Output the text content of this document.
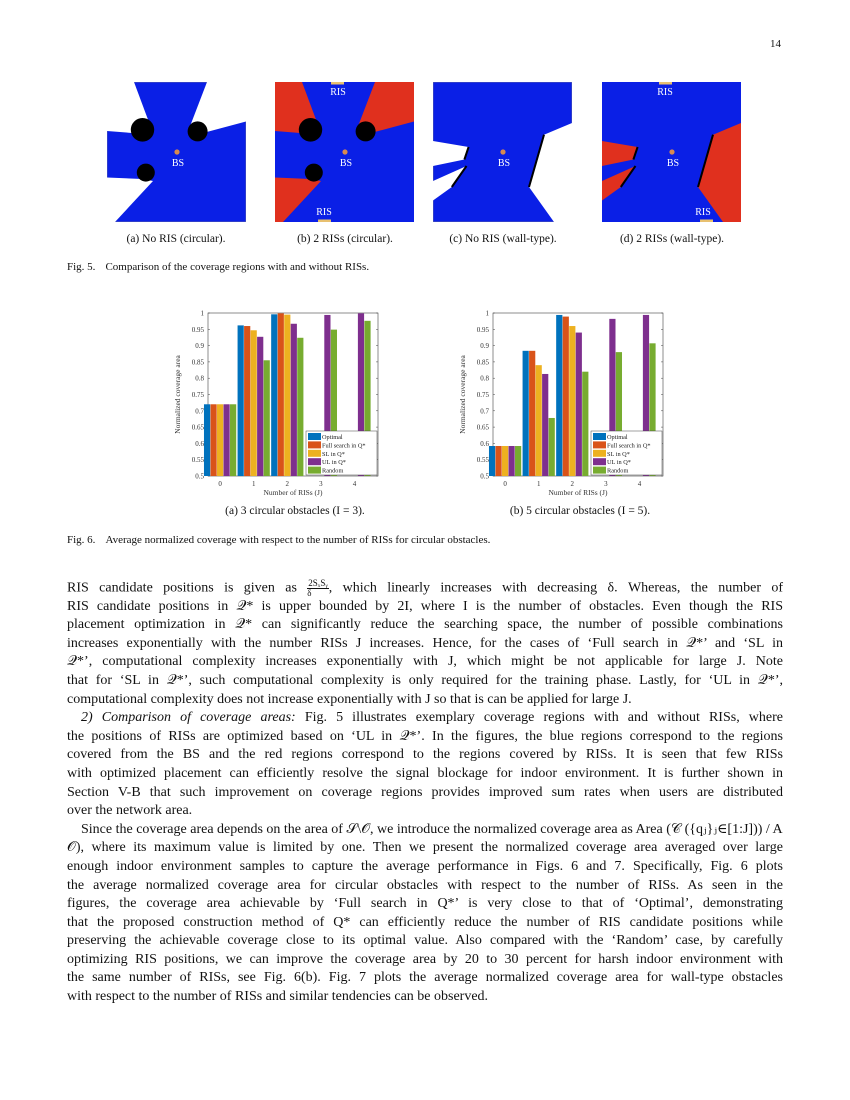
14
BS	BS
RIS
RIS
BS	BS
RIS
RIS
(a) No RIS (circular).	(b) 2 RISs (circular).	(c) No RIS (wall-type).	(d) 2 RISs (wall-type).
Fig. 5. Comparison of the coverage regions with and without RISs.
0.5
0.55
0.6
0.65
0.7
0.75
0.8
0.85
0.9
0.95
1
0	1	2	3	4
Number of RISs (J)
Normalized coverage area
Optimal
Full search in Q*
SL in Q*
UL in Q*
Random
0.5
0.55
0.6
0.65
0.7
0.75
0.8
0.85
0.9
0.95
1
0	1	2	3	4
Number of RISs (J)
Normalized coverage area
Optimal
Full search in Q*
SL in Q*
UL in Q*
Random
(a) 3 circular obstacles (I = 3).	(b) 5 circular obstacles (I = 5).
Fig. 6. Average normalized coverage with respect to the number of RISs for circular obstacles.
RIS candidate positions is given as $\frac{\text{2SₓSᵧ}}{\delta}$, which linearly increases with decreasing δ. Whereas, the number of
RIS candidate positions in 𝒬* is upper bounded by 2I, where I is the number of obstacles. Even though the RIS
placement optimization in 𝒬* can significantly reduce the searching space, the number of possible combinations
increases exponentially with the number RISs J increases. Hence, for the cases of ‘Full search in 𝒬*’ and ‘SL in
𝒬*’, computational complexity increases exponentially with J, which might be not applicable for large J. Note
that for ‘SL in 𝒬*’, such computational complexity is only required for the training phase. Lastly, for ‘UL in 𝒬*’,
computational complexity does not increase exponentially with J so that is can be applied for large J.
2) Comparison of coverage areas: Fig. 5 illustrates exemplary coverage regions with and without RISs, where
the positions of RISs are optimized based on ‘UL in 𝒬*’. In the figures, the blue regions correspond to the regions
covered from the BS and the red regions correspond to the regions covered by RISs. It is seen that few RISs
with optimized placement can efficiently resolve the signal blockage for indoor environment. It is further shown in
Section V-B that such improvement on coverage regions provides improved sum rates when users are distributed
over the network area.
Since the coverage area depends on the area of 𝒮\𝒪, we introduce the normalized coverage area as Area (𝒞 ({qⱼ}ⱼ∈[1:J])) / A
𝒪), where its maximum value is limited by one. Then we present the normalized coverage area averaged over large
enough indoor environment samples to capture the average performance in Figs. 6 and 7. Specifically, Fig. 6 plots
the average normalized coverage area for circular obstacles with respect to the number of RISs. As seen in the
figures, the coverage area achievable by ‘Full search in Q*’ is very close to that of ‘Optimal’, demonstrating
that the proposed construction method of Q* can efficiently reduce the number of RIS candidate positions while
preserving the achievable coverage close to its optimal value. Also compared with the ‘Random’ case, by carefully
optimizing RIS positions, we can improve the coverage area by 20 to 30 percent for harsh indoor environment with
the same number of RISs, see Fig. 6(b). Fig. 7 plots the average normalized coverage area for wall-type obstacles
with respect to the number of RISs and similar tendencies can be observed.
